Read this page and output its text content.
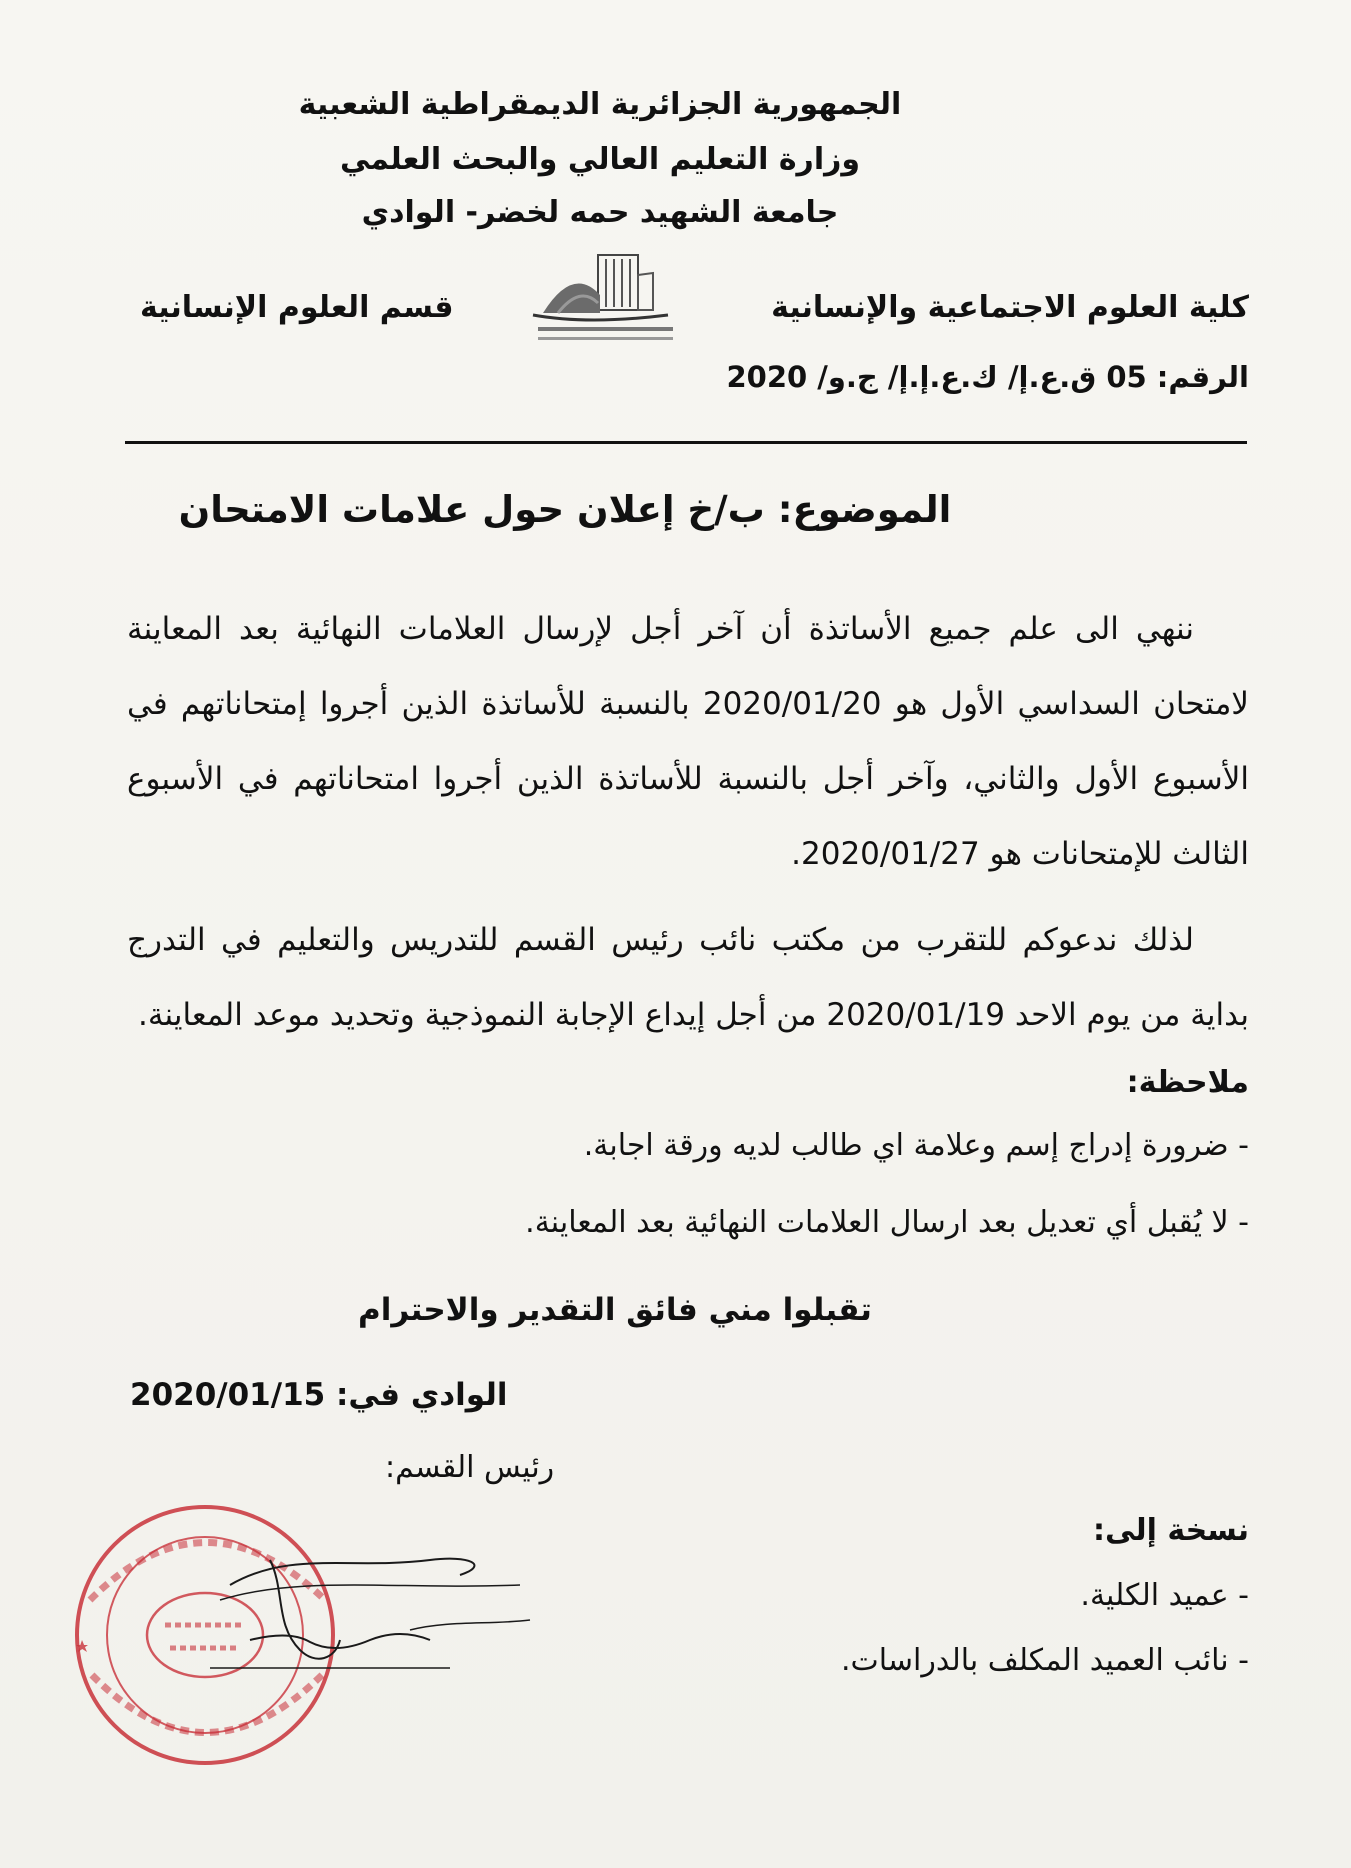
الجمهورية الجزائرية الديمقراطية الشعبية
وزارة التعليم العالي والبحث العلمي
جامعة الشهيد حمه لخضر- الوادي
كلية العلوم الاجتماعية والإنسانية
قسم العلوم الإنسانية
الرقم: 05 ق.ع.إ/ ك.ع.إ.إ/ ج.و/ 2020
الموضوع: ب/خ إعلان حول علامات الامتحان
ننهي الى علم جميع الأساتذة أن آخر أجل لإرسال العلامات النهائية بعد المعاينة لامتحان السداسي الأول هو 2020/01/20 بالنسبة للأساتذة الذين أجروا إمتحاناتهم في الأسبوع الأول والثاني، وآخر أجل بالنسبة للأساتذة الذين أجروا امتحاناتهم في الأسبوع الثالث للإمتحانات هو 2020/01/27.
لذلك ندعوكم للتقرب من مكتب نائب رئيس القسم للتدريس والتعليم في التدرج بداية من يوم الاحد 2020/01/19 من أجل إيداع الإجابة النموذجية وتحديد موعد المعاينة.
ملاحظة:
- ضرورة إدراج إسم وعلامة اي طالب لديه ورقة اجابة.
- لا يُقبل أي تعديل بعد ارسال العلامات النهائية بعد المعاينة.
تقبلوا مني فائق التقدير والاحترام
الوادي في: 2020/01/15
رئيس القسم:
نسخة إلى:
- عميد الكلية.
- نائب العميد المكلف بالدراسات.
